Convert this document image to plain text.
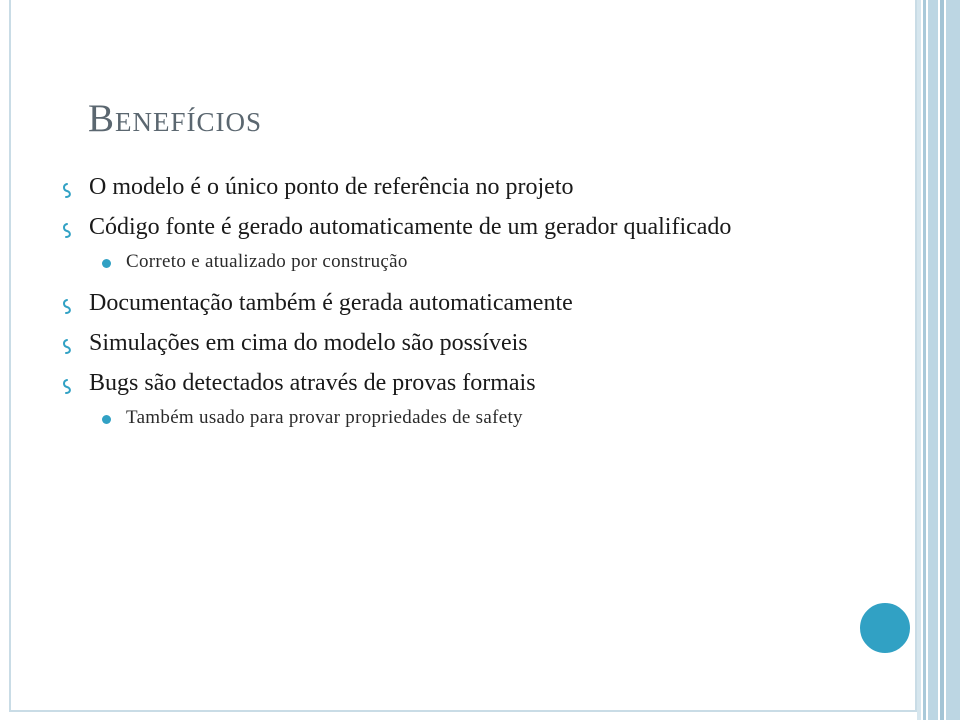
Benefícios
O modelo é o único ponto de referência no projeto
Código fonte é gerado automaticamente de um gerador qualificado
Correto e atualizado por construção
Documentação também é gerada automaticamente
Simulações em cima do modelo são possíveis
Bugs são detectados através de provas formais
Também usado para provar propriedades de safety
